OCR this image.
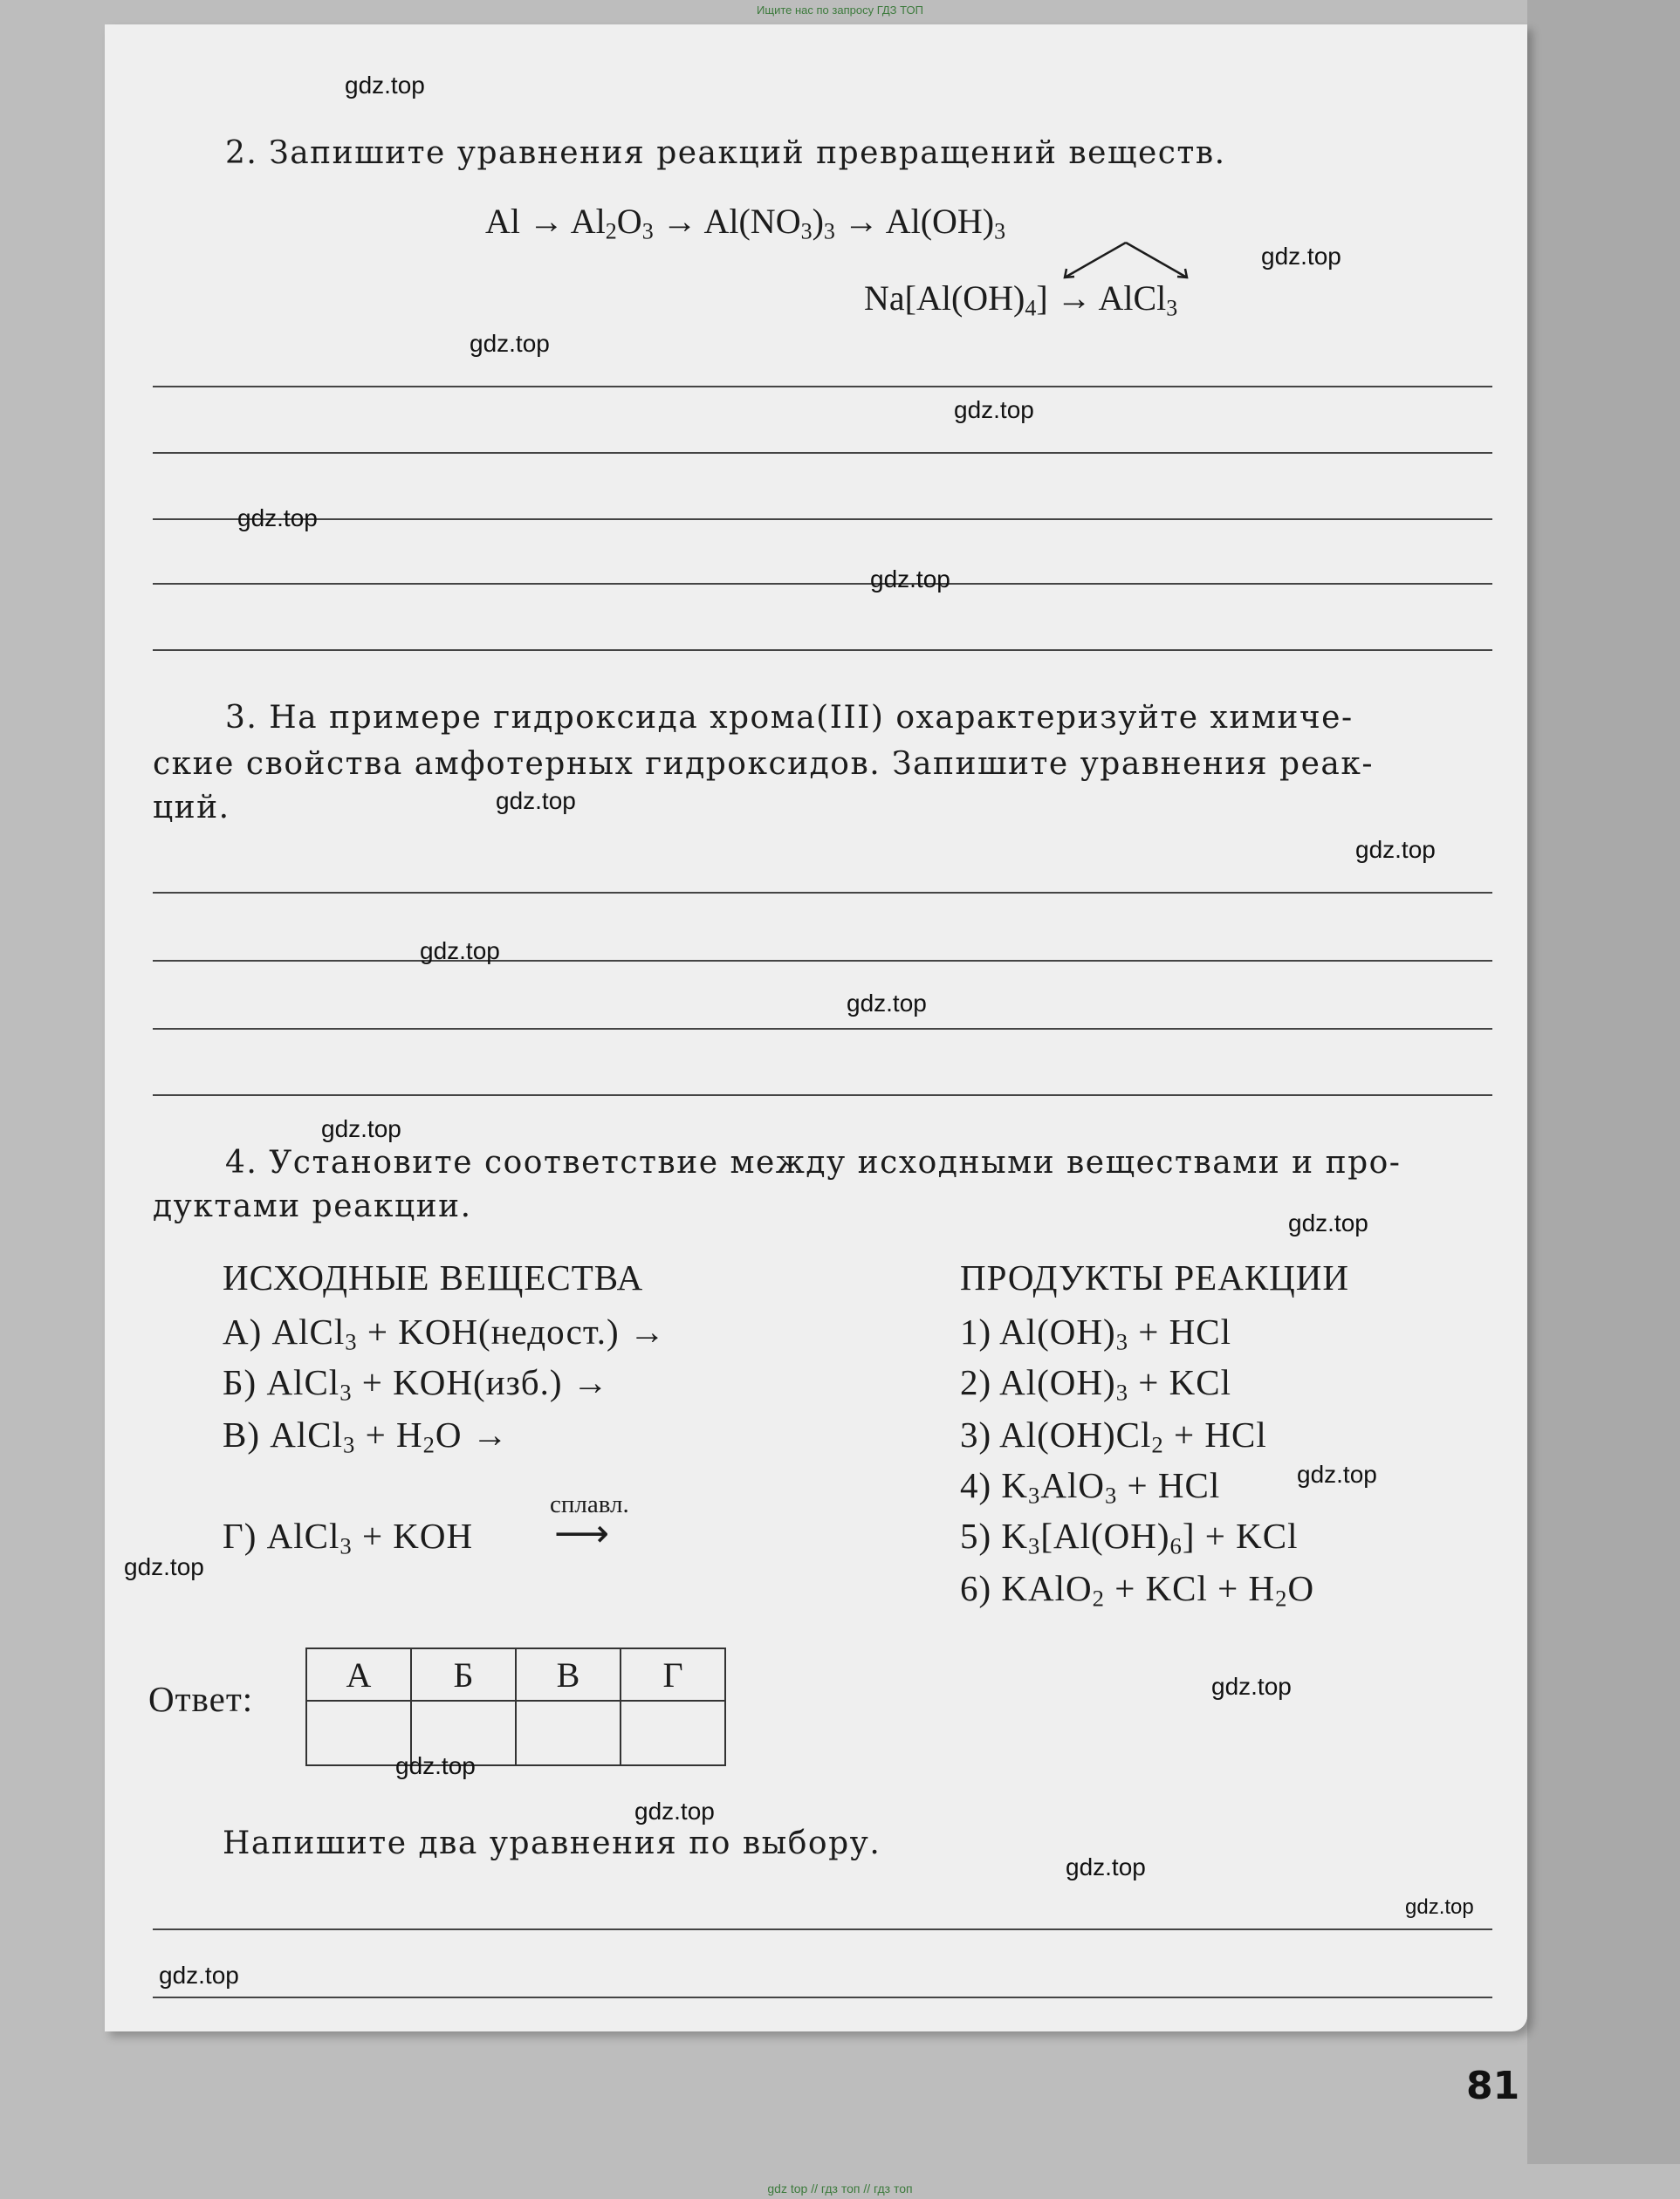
Ищите нас по запросу ГДЗ ТОП
2. Запишите уравнения реакций превращений веществ.
$Al \to Al_2O_3 \to Al(NO_3)_3 \to Al(OH)_3$
$Na[Al(OH)_4]$ → AlCl$_3$
3. На примере гидроксида хрома(III) охарактеризуйте химиче-
ские свойства амфотерных гидроксидов. Запишите уравнения реак-
ций.
4. Установите соответствие между исходными веществами и про-
дуктами реакции.
ИСХОДНЫЕ ВЕЩЕСТВА	ПРОДУКТЫ РЕАКЦИИ
А) AlCl$_3$ + KOH(недост.) →
Б) AlCl$_3$ + KOH(изб.) →
В) AlCl$_3$ + $H_2O$ →
Г) AlCl$_3$ + KOH
сплавл.
⟶
1) $Al(OH)_3$ + HCl
2) $Al(OH)_3$ + KCl
3) $Al(OH)Cl_2$ + HCl
4) $K_3AlO_3$ + HCl
5) $K_3[Al(OH)_6]$ + KCl
6) KAlO$_2$ + KCl + $H_2O$
Ответ:
А	Б	В	Г

Напишите два уравнения по выбору.
81
gdz.top
gdz.top
gdz.top
gdz.top
gdz.top
gdz.top
gdz.top
gdz.top
gdz.top
gdz.top
gdz.top
gdz.top
gdz.top
gdz.top
gdz.top
gdz.top
gdz.top
gdz.top
gdz.top
gdz.top
gdz top // гдз топ // гдз топ
